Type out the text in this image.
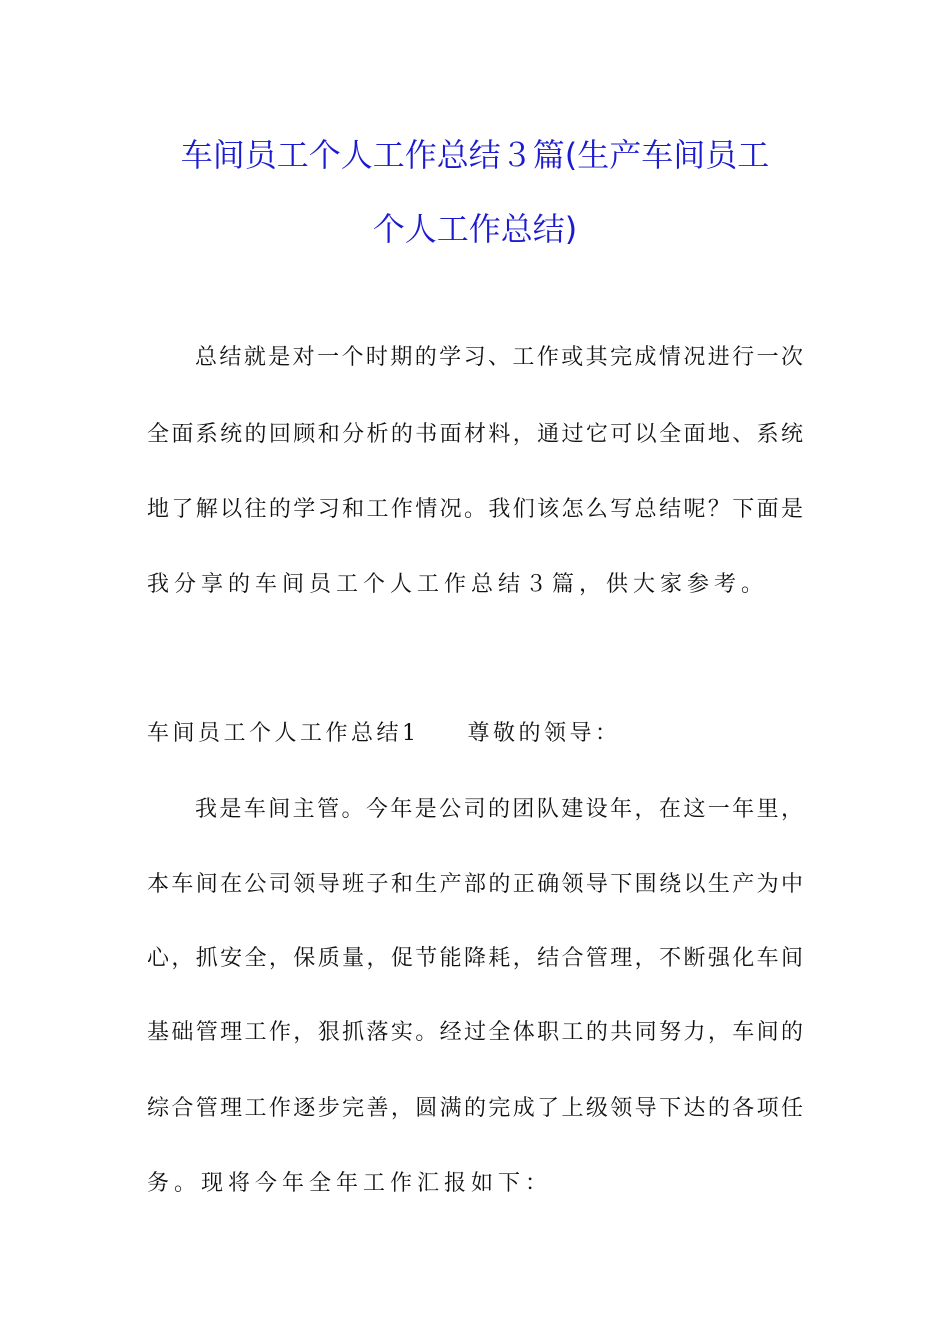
车间员工个人工作总结３篇(生产车间员工
个人工作总结)
总结就是对一个时期的学习、工作或其完成情况进行一次
全面系统的回顾和分析的书面材料，通过它可以全面地、系统
地了解以往的学习和工作情况。我们该怎么写总结呢？下面是
我分享的车间员工个人工作总结３篇，供大家参考。
车间员工个人工作总结1 尊敬的领导：
我是车间主管。今年是公司的团队建设年，在这一年里，
本车间在公司领导班子和生产部的正确领导下围绕以生产为中
心，抓安全，保质量，促节能降耗，结合管理，不断强化车间
基础管理工作，狠抓落实。经过全体职工的共同努力，车间的
综合管理工作逐步完善，圆满的完成了上级领导下达的各项任
务。现将今年全年工作汇报如下：
